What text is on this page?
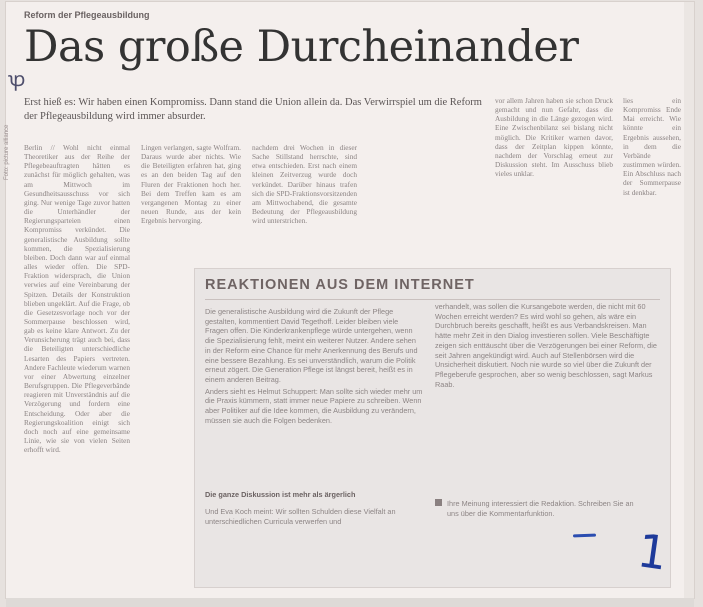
Reform der Pflegeausbildung
Das große Durcheinander
ꝕ
Erst hieß es: Wir haben einen Kompromiss. Dann stand die Union allein da. Das Verwirrspiel um die Reform der Pflegeausbildung wird immer absurder.
Foto: picture alliance Berlin // Wohl nicht einmal Theoretiker aus der Reihe der Pflegebeauftragten hätten es zunächst für möglich gehalten, was am Mittwoch im Gesundheitsausschuss vor sich ging. Nur wenige Tage zuvor hatten die Unterhändler der Regierungsparteien einen Kompromiss verkündet. Die generalistische Ausbildung sollte kommen, die Spezialisierung bleiben. Doch dann war auf einmal alles wieder offen. Die SPD-Fraktion widersprach, die Union verwies auf eine Vereinbarung der Spitzen. Details der Konstruktion blieben ungeklärt. Auf die Frage, ob die Gesetzesvorlage noch vor der Sommerpause beschlossen wird, gab es keine klare Antwort. Zu der Verunsicherung trägt auch bei, dass die Beteiligten unterschiedliche Lesarten des Papiers vertreten. Andere Fachleute wiederum warnen vor einer Abwertung einzelner Berufsgruppen. Die Pflegeverbände reagieren mit Unverständnis auf die Verzögerung und fordern eine Entscheidung. Oder aber die Regierungskoalition einigt sich doch noch auf eine gemeinsame Linie, wie sie von vielen Seiten erhofft wird.
Lingen verlangen, sagte Wolfram. Daraus wurde aber nichts. Wie die Beteiligten erfahren hat, ging es an den beiden Tag auf den Fluren der Fraktionen hoch her. Bei dem Treffen kam es am vergangenen Montag zu einer neuen Runde, aus der kein Ergebnis hervorging.
nachdem drei Wochen in dieser Sache Stillstand herrschte, sind etwa entschieden. Erst nach einem kleinen Zeitverzug wurde doch verkündet. Darüber hinaus trafen sich die SPD-Fraktionsvorsitzenden am Mittwochabend, die gesamte Bedeutung der Pflegeausbildung wird unterstrichen.
vor allem Jahren haben sie schon Druck gemacht und nun Gefahr, dass die Ausbildung in die Länge gezogen wird. Eine Zwischenbilanz sei bislang nicht möglich. Die Kritiker warnen davor, dass der Zeitplan kippen könnte, nachdem der Vorschlag erneut zur Diskussion steht. Im Ausschuss blieb vieles unklar.
lies ein Kompromiss Ende Mai erreicht. Wie könnte ein Ergebnis aussehen, in dem die Verbände zustimmen würden. Ein Abschluss nach der Sommerpause ist denkbar.
REAKTIONEN AUS DEM INTERNET
Die generalistische Ausbildung wird die Zukunft der Pflege gestalten, kommentiert David Tegethoff. Leider bleiben viele Fragen offen. Die Kinderkrankenpflege würde untergehen, wenn die Spezialisierung fehlt, meint ein weiterer Nutzer. Andere sehen in der Reform eine Chance für mehr Anerkennung des Berufs und eine bessere Bezahlung. Es sei unverständlich, warum die Politik erneut zögert. Die Generation Pflege ist längst bereit, heißt es in einem anderen Beitrag.
Anders sieht es Helmut Schuppert: Man sollte sich wieder mehr um die Praxis kümmern, statt immer neue Papiere zu schreiben. Wenn aber Politiker auf die Idee kommen, die Ausbildung zu verändern, müssen sie auch die Folgen bedenken.
Die ganze Diskussion ist mehr als ärgerlich
Und Eva Koch meint: Wir sollten Schulden diese Vielfalt an unterschiedlichen Curricula verwerfen und
verhandelt, was sollen die Kursangebote werden, die nicht mit 60 Wochen erreicht werden? Es wird wohl so gehen, als wäre ein Durchbruch bereits geschafft, heißt es aus Verbandskreisen. Man hätte mehr Zeit in den Dialog investieren sollen. Viele Beschäftigte zeigen sich enttäuscht über die Verzögerungen bei einer Reform, die seit Jahren angekündigt wird. Auch auf Stellenbörsen wird die Unsicherheit diskutiert. Noch nie wurde so viel über die Zukunft der Pflegeberufe gesprochen, aber so wenig beschlossen, sagt Markus Raab.
Ihre Meinung interessiert die Redaktion. Schreiben Sie an uns über die Kommentarfunktion.
1
